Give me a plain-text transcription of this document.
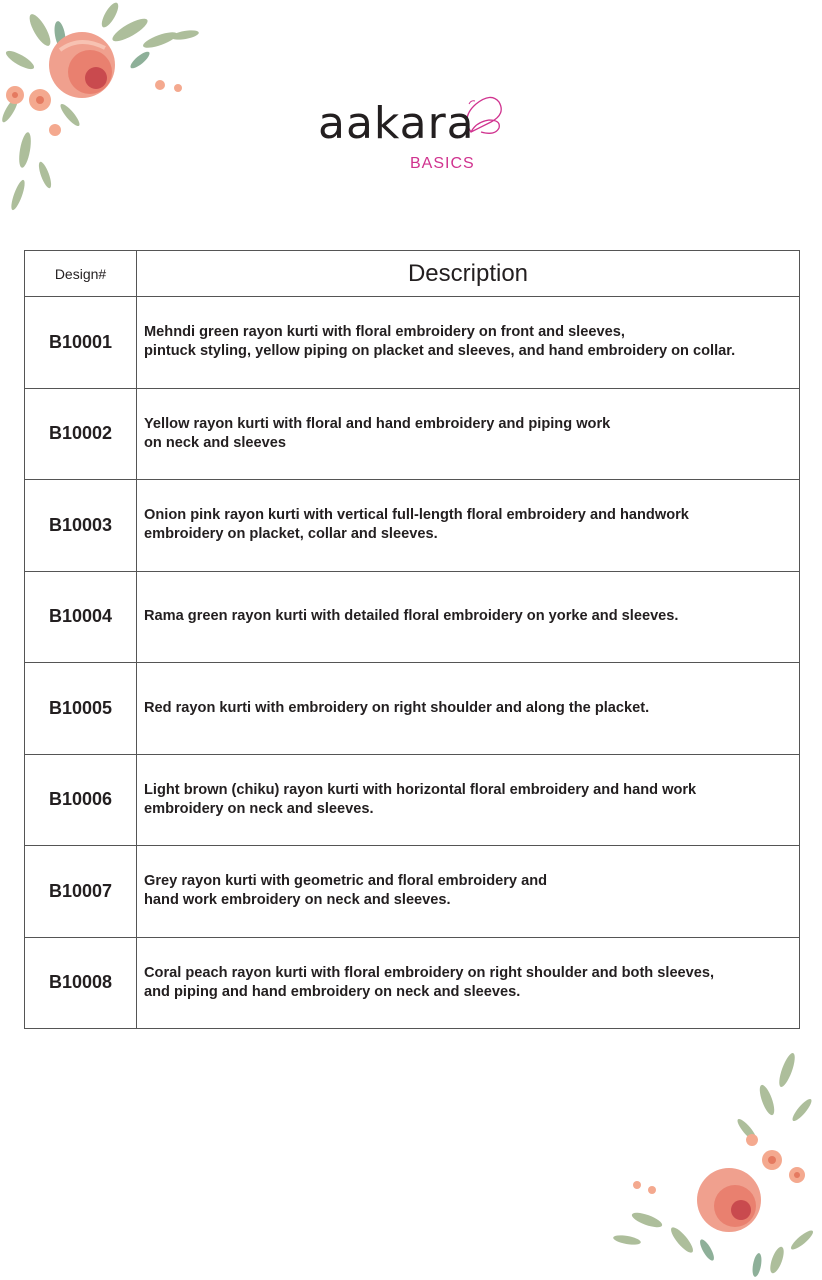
aakara
BASICS
Design#	Description
B10001	Mehndi green rayon kurti with floral embroidery on front and sleeves,
pintuck styling, yellow piping on placket and sleeves, and hand embroidery on collar.
B10002	Yellow rayon kurti with floral and hand embroidery and piping work
on neck and sleeves
B10003	Onion pink rayon kurti with vertical full-length floral embroidery and handwork
embroidery on placket, collar and sleeves.
B10004	Rama green rayon kurti with detailed floral embroidery on yorke and sleeves.
B10005	Red rayon kurti with embroidery on right shoulder and along the placket.
B10006	Light brown (chiku) rayon kurti with horizontal floral embroidery and hand work
embroidery on neck and sleeves.
B10007	Grey rayon kurti with geometric and floral embroidery and
hand work embroidery on neck and sleeves.
B10008	Coral peach rayon kurti with floral embroidery on right shoulder and both sleeves,
and piping and hand embroidery on neck and sleeves.
